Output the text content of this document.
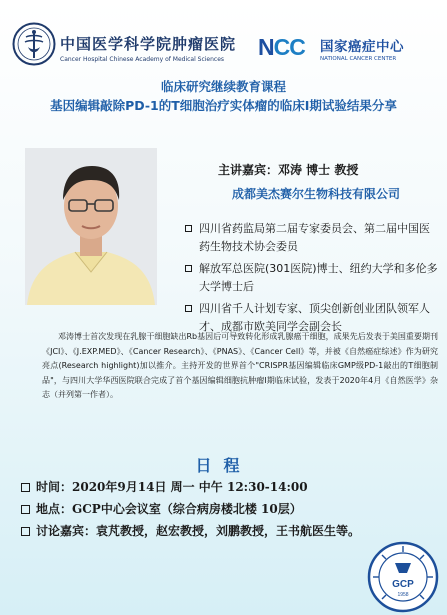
中国医学科学院肿瘤医院
Cancer Hospital Chinese Academy of Medical Sciences	NCC 国家癌症中心
NATIONAL CANCER CENTER
临床研究继续教育课程
基因编辑敲除PD-1的T细胞治疗实体瘤的临床I期试验结果分享
主讲嘉宾：邓涛 博士 教授
成都美杰赛尔生物科技有限公司
四川省药监局第二届专家委员会、第二届中国医药生物技术协会委员
解放军总医院(301医院)博士、纽约大学和多伦多大学博士后
四川省千人计划专家、顶尖创新创业团队领军人才、成都市欧美同学会副会长

邓涛博士首次发现在乳腺干细胞缺出Rb基因后可导致转化形成乳腺癌干细胞，成果先后发表于美国重要期刊《JCI》、《J.EXP.MED》、《Cancer Research》、《PNAS》、《Cancer Cell》等，并被《自然癌症综述》作为研究亮点(Research highlight)加以推介。主持开发的世界首个"CRISPR基因编辑临床GMP级PD-1敲出的T细胞制品"，与四川大学华西医院联合完成了首个基因编辑细胞抗肿瘤I期临床试验，发表于2020年4月《自然医学》杂志（并列第一作者）。

日程
时间：2020年9月14日 周一 中午 12:30-14:00
地点：GCP中心会议室（综合病房楼北楼 10层）
讨论嘉宾：袁芃教授，赵宏教授，刘鹏教授，王书航医生等。
GCP
1958
